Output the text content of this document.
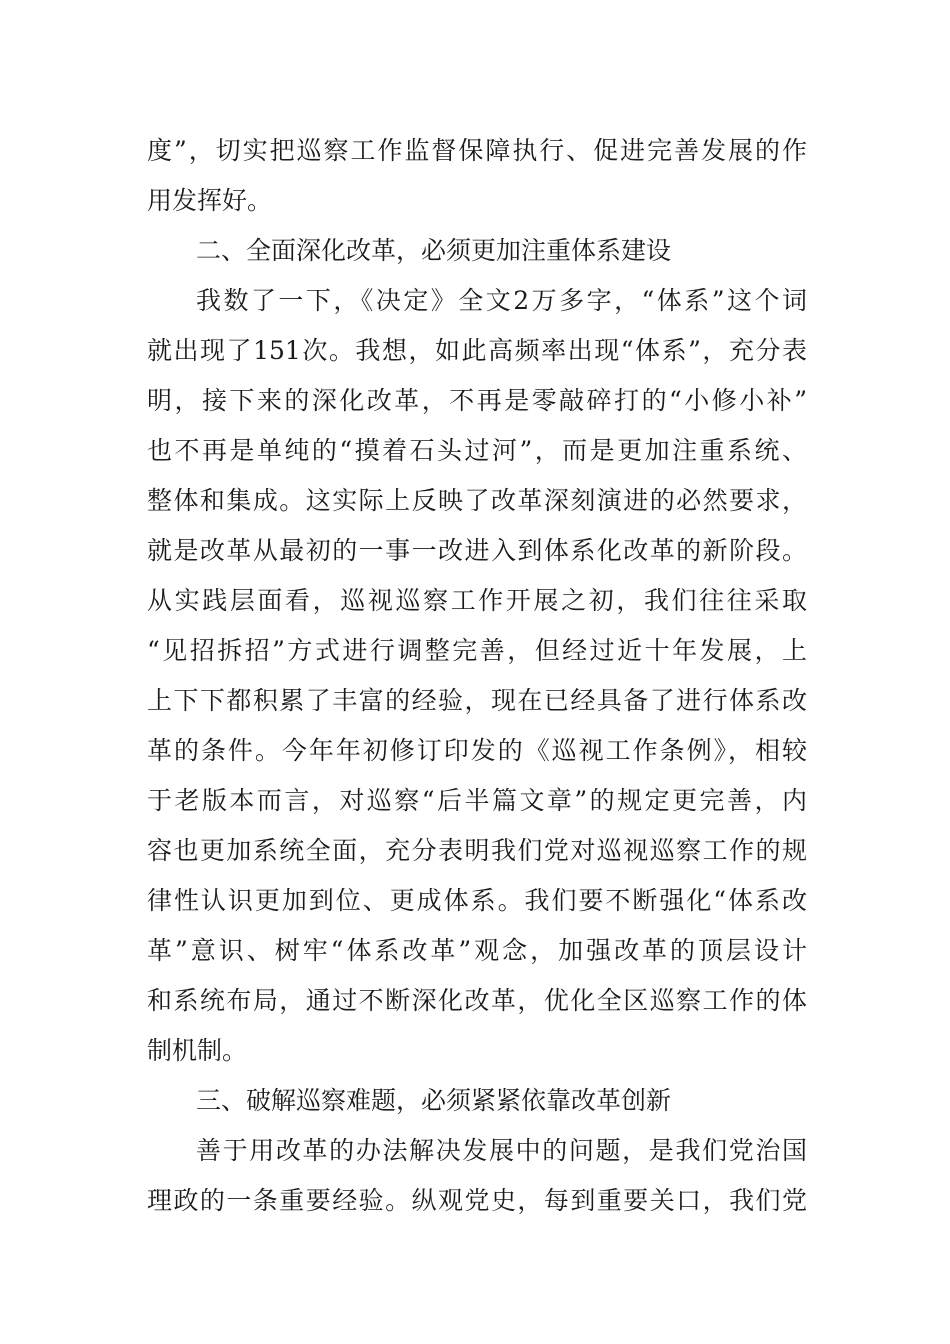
度”，切实把巡察工作监督保障执行、促进完善发展的作
用发挥好。
二、全面深化改革，必须更加注重体系建设
我数了一下，《决定》全文2万多字，“体系”这个词
就出现了151次。我想，如此高频率出现“体系”，充分表
明，接下来的深化改革，不再是零敲碎打的“小修小补”
也不再是单纯的“摸着石头过河”，而是更加注重系统、
整体和集成。这实际上反映了改革深刻演进的必然要求，
就是改革从最初的一事一改进入到体系化改革的新阶段。
从实践层面看，巡视巡察工作开展之初，我们往往采取
“见招拆招”方式进行调整完善，但经过近十年发展，上
上下下都积累了丰富的经验，现在已经具备了进行体系改
革的条件。今年年初修订印发的《巡视工作条例》，相较
于老版本而言，对巡察“后半篇文章”的规定更完善，内
容也更加系统全面，充分表明我们党对巡视巡察工作的规
律性认识更加到位、更成体系。我们要不断强化“体系改
革”意识、树牢“体系改革”观念，加强改革的顶层设计
和系统布局，通过不断深化改革，优化全区巡察工作的体
制机制。
三、破解巡察难题，必须紧紧依靠改革创新
善于用改革的办法解决发展中的问题，是我们党治国
理政的一条重要经验。纵观党史，每到重要关口，我们党
